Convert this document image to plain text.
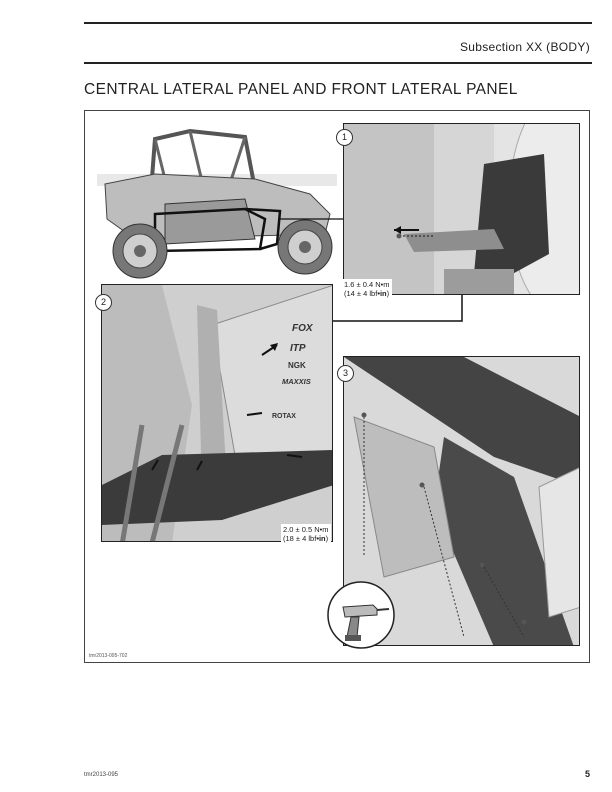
Subsection XX (BODY)
CENTRAL LATERAL PANEL AND FRONT LATERAL PANEL
1
1.6 ± 0.4 N•m
(14 ± 4 lbf•in)
FOX
ITP
NGK
MAXXIS
ROTAX
2
2.0 ± 0.5 N•m
(18 ± 4 lbf•in)
3
tmr2013-095-702
tmr2013-095	5
